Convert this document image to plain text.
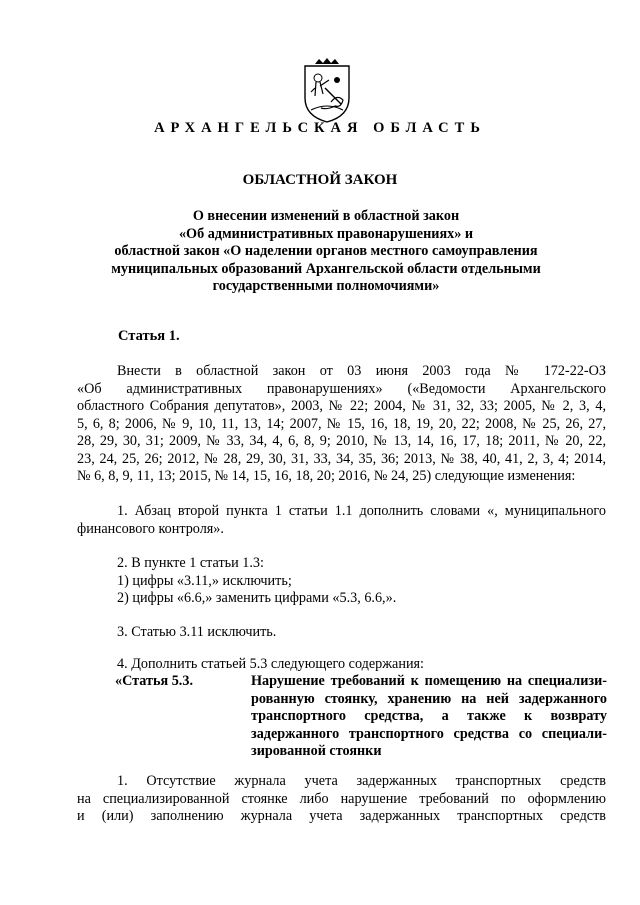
АРХАНГЕЛЬСКАЯ ОБЛАСТЬ
ОБЛАСТНОЙ ЗАКОН
О внесении изменений в областной закон
«Об административных правонарушениях» и
областной закон «О наделении органов местного самоуправления
муниципальных образований Архангельской области отдельными
государственными полномочиями»
Статья 1.
Внести в областной закон от 03 июня 2003 года № 172-22-ОЗ
«Об административных правонарушениях» («Ведомости Архангельского
областного Собрания депутатов», 2003, № 22; 2004, № 31, 32, 33; 2005, № 2, 3, 4,
5, 6, 8; 2006, № 9, 10, 11, 13, 14; 2007, № 15, 16, 18, 19, 20, 22; 2008, № 25, 26, 27,
28, 29, 30, 31; 2009, № 33, 34, 4, 6, 8, 9; 2010, № 13, 14, 16, 17, 18; 2011, № 20, 22,
23, 24, 25, 26; 2012, № 28, 29, 30, 31, 33, 34, 35, 36; 2013, № 38, 40, 41, 2, 3, 4; 2014,
№ 6, 8, 9, 11, 13; 2015, № 14, 15, 16, 18, 20; 2016, № 24, 25) следующие изменения:
1. Абзац второй пункта 1 статьи 1.1 дополнить словами «, муниципального
финансового контроля».
2. В пункте 1 статьи 1.3:
1) цифры «3.11,» исключить;
2) цифры «6.6,» заменить цифрами «5.3, 6.6,».
3. Статью 3.11 исключить.
4. Дополнить статьей 5.3 следующего содержания:
«Статья 5.3.	Нарушение требований к помещению на специализи-
рованную стоянку, хранению на ней задержанного
транспортного средства, а также к возврату
задержанного транспортного средства со специали-
зированной стоянки
1. Отсутствие журнала учета задержанных транспортных средств
на специализированной стоянке либо нарушение требований по оформлению
и (или) заполнению журнала учета задержанных транспортных средств
